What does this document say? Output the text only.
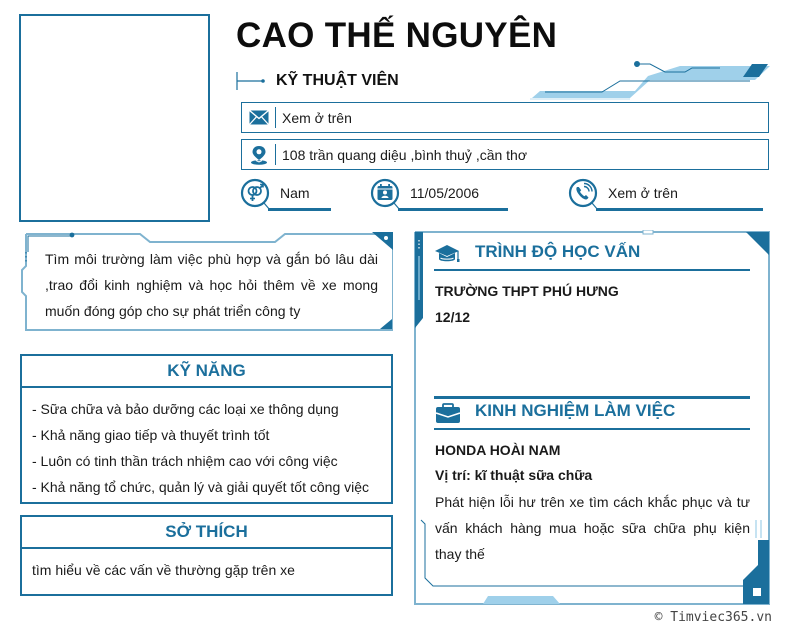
CAO THẾ NGUYÊN
KỸ THUẬT VIÊN
Xem ở trên
108 trần quang diệu ,bình thuỷ ,cần thơ
Nam	11/05/2006	Xem ở trên
Tìm môi trường làm việc phù hợp và gắn bó lâu dài ,trao đổi kinh nghiệm và học hỏi thêm về xe mong muốn đóng góp cho sự phát triển công ty
KỸ NĂNG
- Sữa chữa và bảo dưỡng các loại xe thông dụng
- Khả năng giao tiếp và thuyết trình tốt
- Luôn có tinh thần trách nhiệm cao với công việc
- Khả năng tổ chức, quản lý và giải quyết tốt công việc
SỞ THÍCH
tìm hiểu về các vấn về thường gặp trên xe
TRÌNH ĐỘ HỌC VẤN
TRƯỜNG THPT PHÚ HƯNG
12/12
KINH NGHIỆM LÀM VIỆC
HONDA HOÀI NAM
Vị trí: kĩ thuật sữa chữa
Phát hiện lỗi hư trên xe tìm cách khắc phục và tư vấn khách hàng mua hoặc sữa chữa phụ kiện thay thế
© Timviec365.vn
